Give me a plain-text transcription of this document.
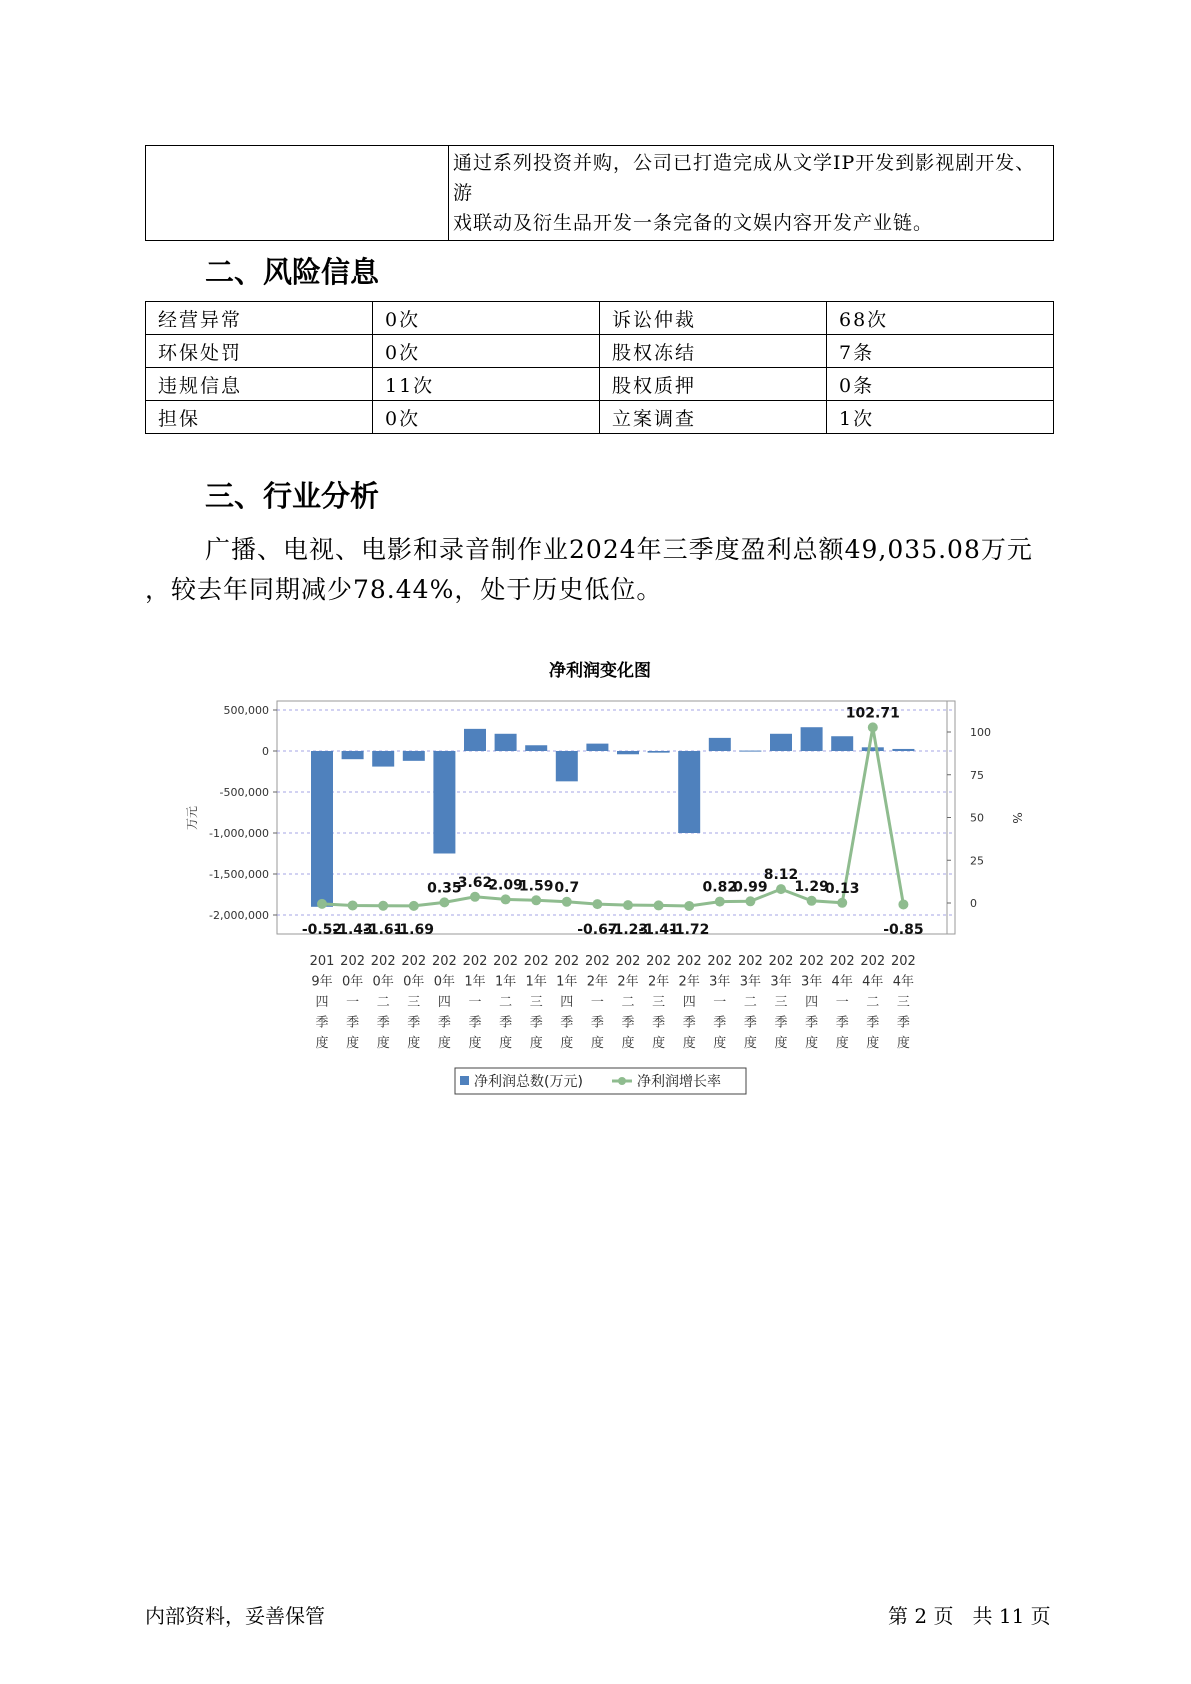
通过系列投资并购，公司已打造完成从文学IP开发到影视剧开发、游
戏联动及衍生品开发一条完备的文娱内容开发产业链。
二、风险信息
经营异常	0次	诉讼仲裁	68次
环保处罚	0次	股权冻结	7条
违规信息	11次	股权质押	0条
担保	0次	立案调查	1次
三、行业分析
广播、电视、电影和录音制作业2024年三季度盈利总额49,035.08万元
，较去年同期减少78.44%，处于历史低位。
净利润变化图
500,000
0
-500,000
-1,000,000
-1,500,000
-2,000,000
100
75
50
25
0
万元	%
-0.52
-1.43
-1.61
-1.69
0.35
3.62
2.09
1.59 0.7
-0.67
-1.23
-1.41
-1.72
0.82
0.99
8.12
1.29
0.13
102.71
-0.85
201 9年四季度
202 0年一季度
202 0年二季度
202 0年三季度
202 0年四季度
202 1年一季度
202 1年二季度
202 1年三季度
202 1年四季度
202 2年一季度
202 2年二季度
202 2年三季度
202 2年四季度
202 3年一季度
202 3年二季度
202 3年三季度
202 3年四季度
202 4年一季度
202 4年二季度
202 4年三季度
净利润总数(万元)	净利润增长率
内部资料，妥善保管	第 2 页   共 11 页
